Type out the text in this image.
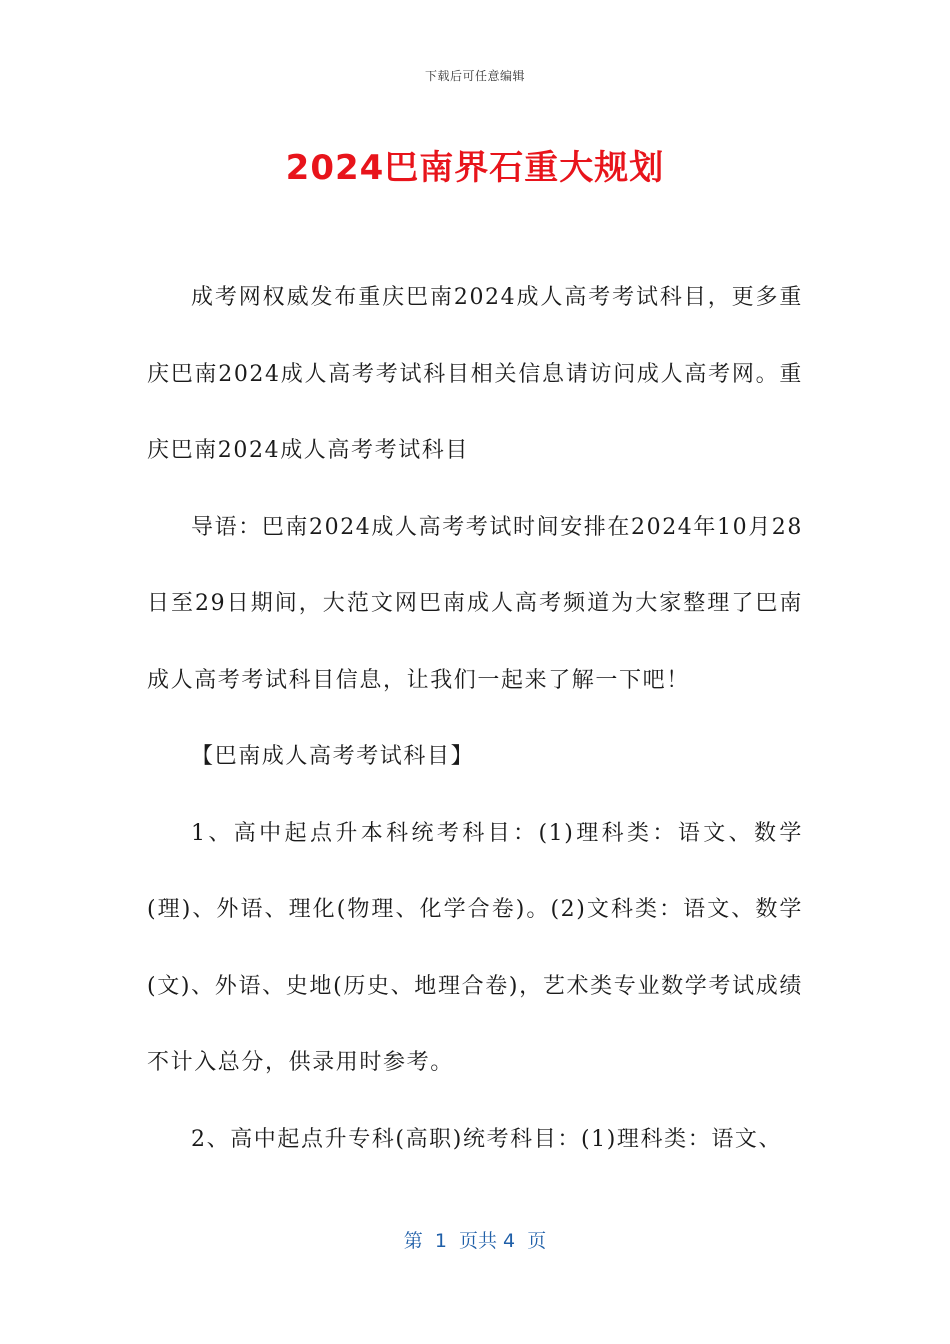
下载后可任意编辑
2024巴南界石重大规划

成考网权威发布重庆巴南2024成人高考考试科目，更多重庆巴南2024成人高考考试科目相关信息请访问成人高考网。重庆巴南2024成人高考考试科目

导语：巴南2024成人高考考试时间安排在2024年10月28日至29日期间，大范文网巴南成人高考频道为大家整理了巴南成人高考考试科目信息，让我们一起来了解一下吧！

【巴南成人高考考试科目】

1、高中起点升本科统考科目：(1)理科类：语文、数学(理)、外语、理化(物理、化学合卷)。(2)文科类：语文、数学(文)、外语、史地(历史、地理合卷)，艺术类专业数学考试成绩不计入总分，供录用时参考。

2、高中起点升专科(高职)统考科目：(1)理科类：语文、

第  1  页共 4  页
